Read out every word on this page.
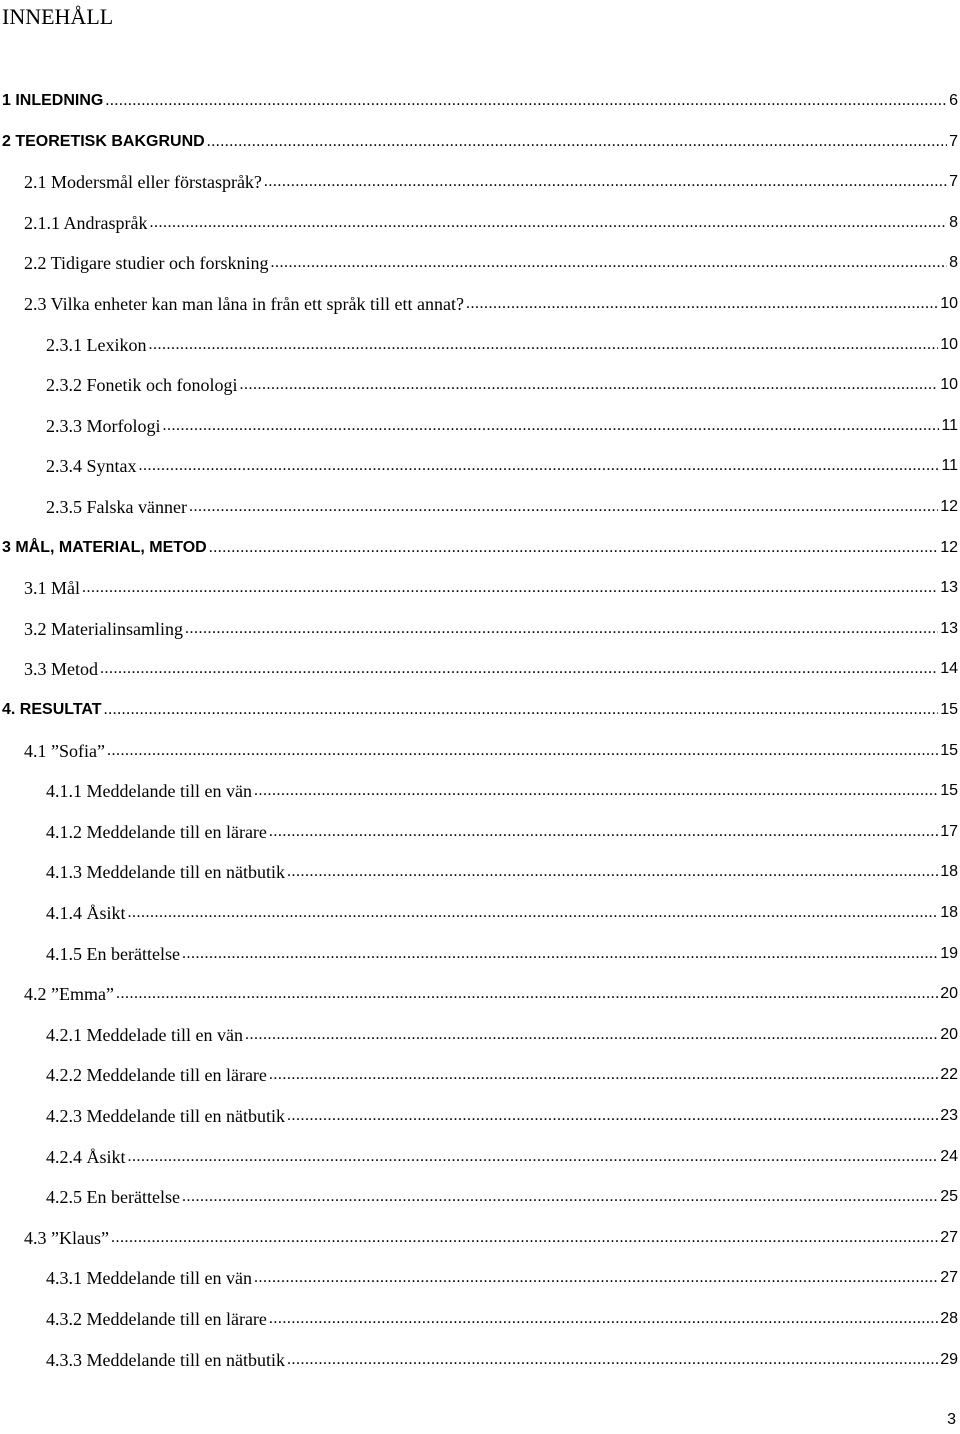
INNEHÅLL
1 INLEDNING .....	6
2 TEORETISK BAKGRUND .....	7
2.1 Modersmål eller förstaspråk? .....	7
2.1.1 Andraspråk .....	8
2.2 Tidigare studier och forskning .....	8
2.3 Vilka enheter kan man låna in från ett språk till ett annat? .....	10
2.3.1 Lexikon .....	10
2.3.2 Fonetik och fonologi .....	10
2.3.3 Morfologi .....	11
2.3.4 Syntax .....	11
2.3.5 Falska vänner .....	12
3 MÅL, MATERIAL, METOD .....	12
3.1 Mål .....	13
3.2 Materialinsamling .....	13
3.3 Metod .....	14
4. RESULTAT .....	15
4.1 ”Sofia” .....	15
4.1.1 Meddelande till en vän .....	15
4.1.2 Meddelande till en lärare .....	17
4.1.3 Meddelande till en nätbutik .....	18
4.1.4 Åsikt .....	18
4.1.5 En berättelse .....	19
4.2 ”Emma” .....	20
4.2.1 Meddelade till en vän .....	20
4.2.2 Meddelande till en lärare .....	22
4.2.3 Meddelande till en nätbutik .....	23
4.2.4 Åsikt .....	24
4.2.5 En berättelse .....	25
4.3 ”Klaus” .....	27
4.3.1 Meddelande till en vän .....	27
4.3.2 Meddelande till en lärare .....	28
4.3.3 Meddelande till en nätbutik .....	29
3
